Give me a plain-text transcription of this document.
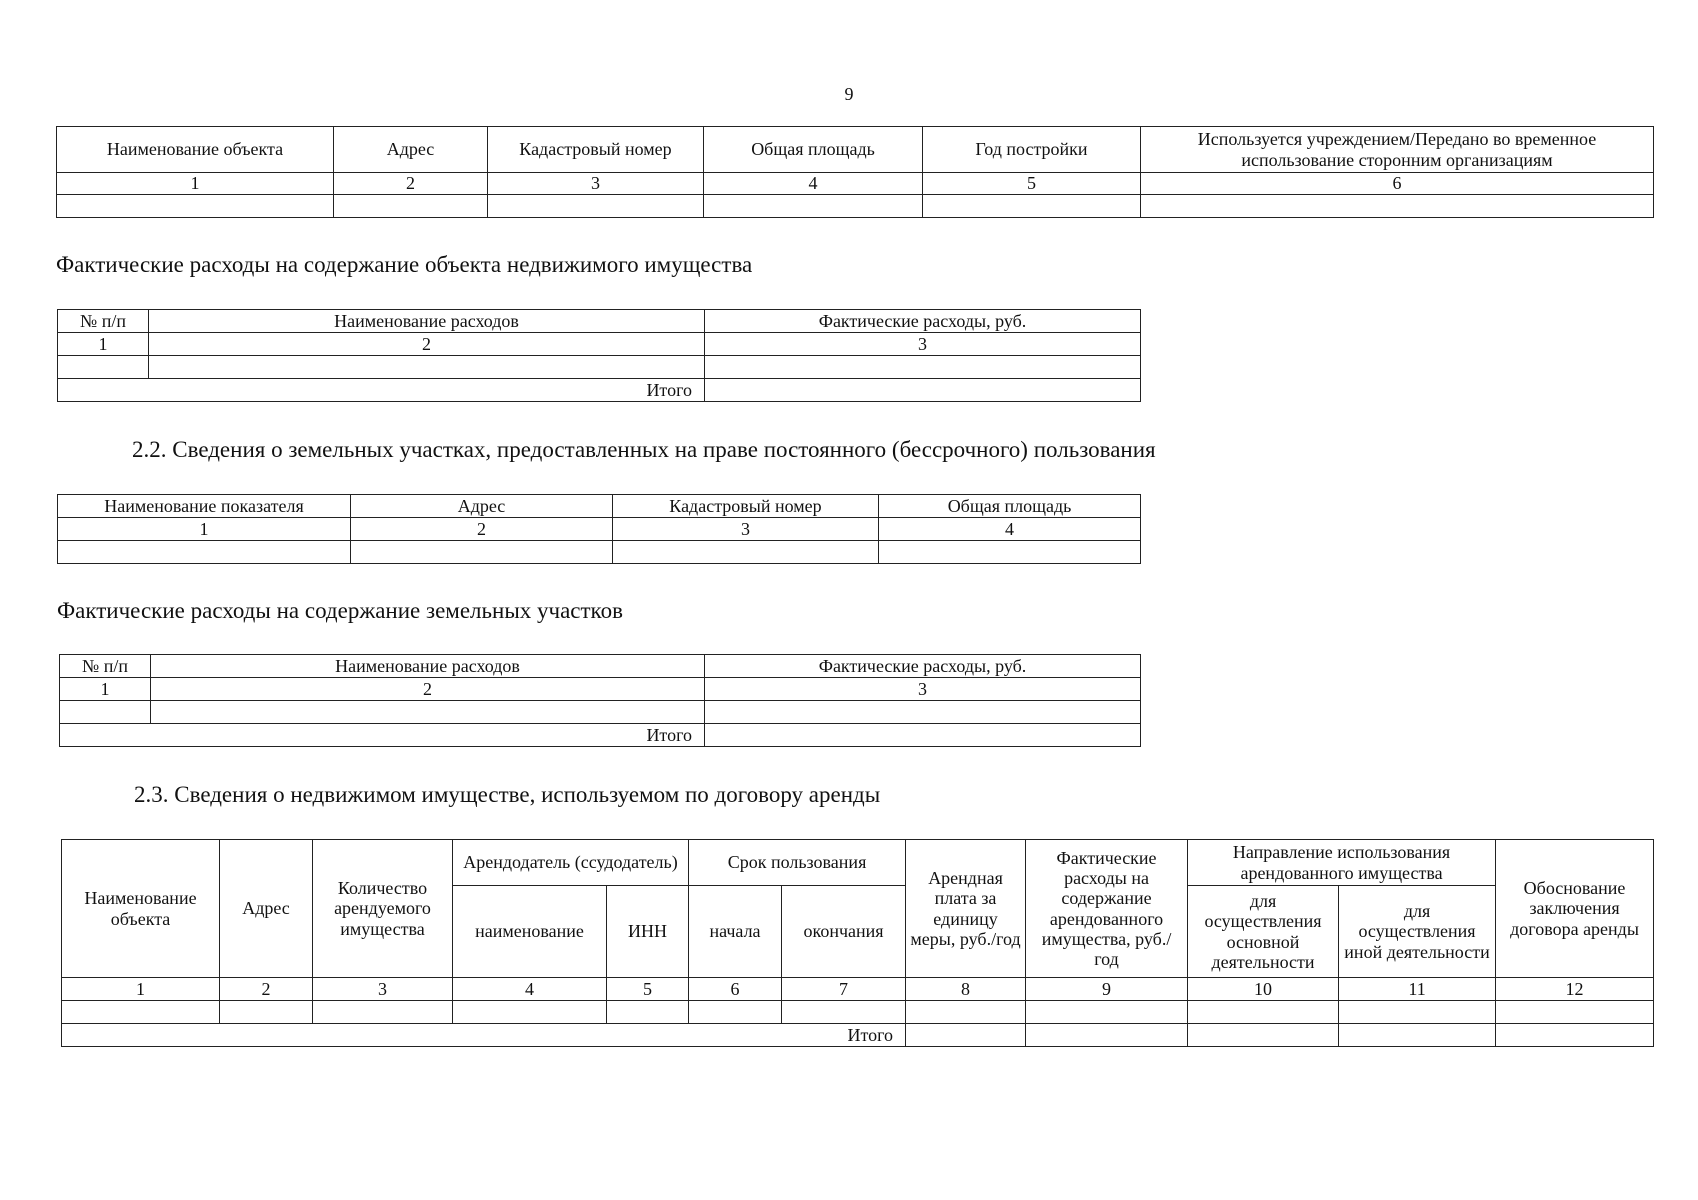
9
Наименование объекта	Адрес	Кадастровый номер	Общая площадь	Год постройки	Используется учреждением/Передано во временное использование сторонним организациям
1	2	3	4	5	6

Фактические расходы на содержание объекта недвижимого имущества
№ п/п	Наименование расходов	Фактические расходы, руб.
1	2	3

Итого		
2.2. Сведения о земельных участках, предоставленных на праве постоянного (бессрочного) пользования
Наименование показателя	Адрес	Кадастровый номер	Общая площадь
1	2	3	4

Фактические расходы на содержание земельных участков
№ п/п	Наименование расходов	Фактические расходы, руб.
1	2	3

Итого		
2.3. Сведения о недвижимом имуществе, используемом по договору аренды
Наименование объекта	Адрес	Количество арендуемого имущества	Арендодатель (ссудодатель)		Срок пользования		Арендная плата за единицу меры, руб./год	Фактические расходы на содержание арендованного имущества, руб./год	Направление использования арендованного имущества		Обоснование заключения договора аренды
			наименование	ИНН	начала	окончания			для осуществления основной деятельности	для осуществления иной деятельности	
1	2	3	4	5	6	7	8	9	10	11	12

Итого											
